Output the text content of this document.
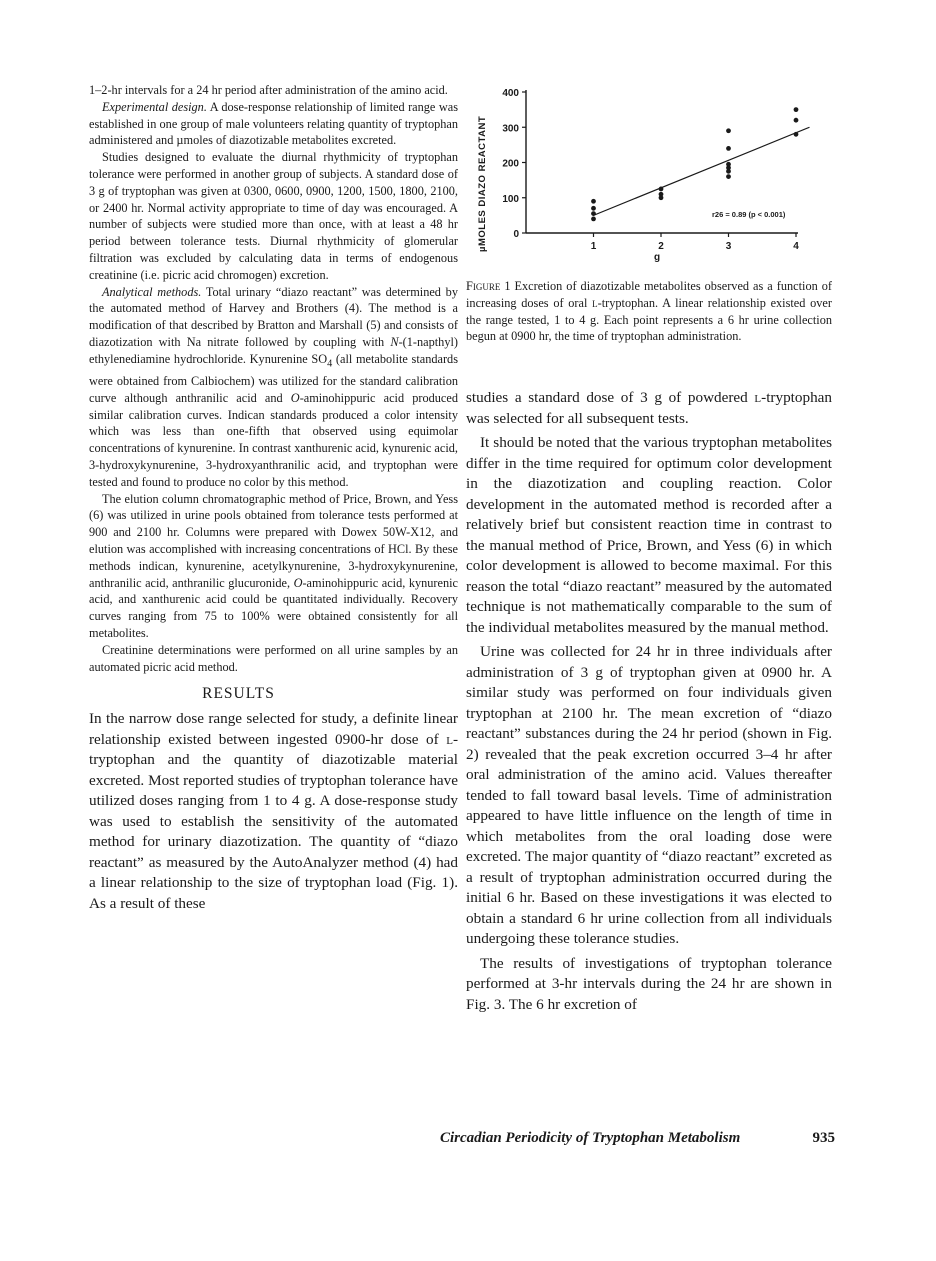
1–2-hr intervals for a 24 hr period after administration of the amino acid.

Experimental design. A dose-response relationship of limited range was established in one group of male volunteers relating quantity of tryptophan administered and µmoles of diazotizable metabolites excreted.

Studies designed to evaluate the diurnal rhythmicity of tryptophan tolerance were performed in another group of subjects. A standard dose of 3 g of tryptophan was given at 0300, 0600, 0900, 1200, 1500, 1800, 2100, or 2400 hr. Normal activity appropriate to time of day was encouraged. A number of subjects were studied more than once, with at least a 48 hr period between tolerance tests. Diurnal rhythmicity of glomerular filtration was excluded by calculating data in terms of endogenous creatinine (i.e. picric acid chromogen) excretion.

Analytical methods. Total urinary “diazo reactant” was determined by the automated method of Harvey and Brothers (4). The method is a modification of that described by Bratton and Marshall (5) and consists of diazotization with Na nitrate followed by coupling with N-(1-napthyl) ethylenediamine hydrochloride. Kynurenine $SO_4$ (all metabolite standards were obtained from Calbiochem) was utilized for the standard calibration curve although anthranilic acid and O-aminohippuric acid produced similar calibration curves. Indican standards produced a color intensity which was less than one-fifth that observed using equimolar concentrations of kynurenine. In contrast xanthurenic acid, kynurenic acid, 3-hydroxykynurenine, 3-hydroxyanthranilic acid, and tryptophan were tested and found to produce no color by this method.

The elution column chromatographic method of Price, Brown, and Yess (6) was utilized in urine pools obtained from tolerance tests performed at 900 and 2100 hr. Columns were prepared with Dowex 50W-X12, and elution was accomplished with increasing concentrations of HCl. By these methods indican, kynurenine, acetylkynurenine, 3-hydroxykynurenine, anthranilic acid, anthranilic glucuronide, O-aminohippuric acid, kynurenic acid, and xanthurenic acid could be quantitated individually. Recovery curves ranging from 75 to 100% were obtained consistently for all metabolites.

Creatinine determinations were performed on all urine samples by an automated picric acid method.

RESULTS

In the narrow dose range selected for study, a definite linear relationship existed between ingested 0900-hr dose of l-tryptophan and the quantity of diazotizable material excreted. Most reported studies of tryptophan tolerance have utilized doses ranging from 1 to 4 g. A dose-response study was used to establish the sensitivity of the automated method for urinary diazotization. The quantity of “diazo reactant” as measured by the AutoAnalyzer method (4) had a linear relationship to the size of tryptophan load (Fig. 1). As a result of these

µMOLES DIAZO REACTANT
g
r26 = 0.89 (p < 0.001)
0
100
200
300
400
1	2	3	4

Figure 1 Excretion of diazotizable metabolites observed as a function of increasing doses of oral l-tryptophan. A linear relationship existed over the range tested, 1 to 4 g. Each point represents a 6 hr urine collection begun at 0900 hr, the time of tryptophan administration.

studies a standard dose of 3 g of powdered l-tryptophan was selected for all subsequent tests.

It should be noted that the various tryptophan metabolites differ in the time required for optimum color development in the diazotization and coupling reaction. Color development in the automated method is recorded after a relatively brief but consistent reaction time in contrast to the manual method of Price, Brown, and Yess (6) in which color development is allowed to become maximal. For this reason the total “diazo reactant” measured by the automated technique is not mathematically comparable to the sum of the individual metabolites measured by the manual method.

Urine was collected for 24 hr in three individuals after administration of 3 g of tryptophan given at 0900 hr. A similar study was performed on four individuals given tryptophan at 2100 hr. The mean excretion of “diazo reactant” substances during the 24 hr period (shown in Fig. 2) revealed that the peak excretion occurred 3–4 hr after oral administration of the amino acid. Values thereafter tended to fall toward basal levels. Time of administration appeared to have little influence on the length of time in which metabolites from the oral loading dose were excreted. The major quantity of “diazo reactant” excreted as a result of tryptophan administration occurred during the initial 6 hr. Based on these investigations it was elected to obtain a standard 6 hr urine collection from all individuals undergoing these tolerance studies.

The results of investigations of tryptophan tolerance performed at 3-hr intervals during the 24 hr are shown in Fig. 3. The 6 hr excretion of

Circadian Periodicity of Tryptophan Metabolism	935
